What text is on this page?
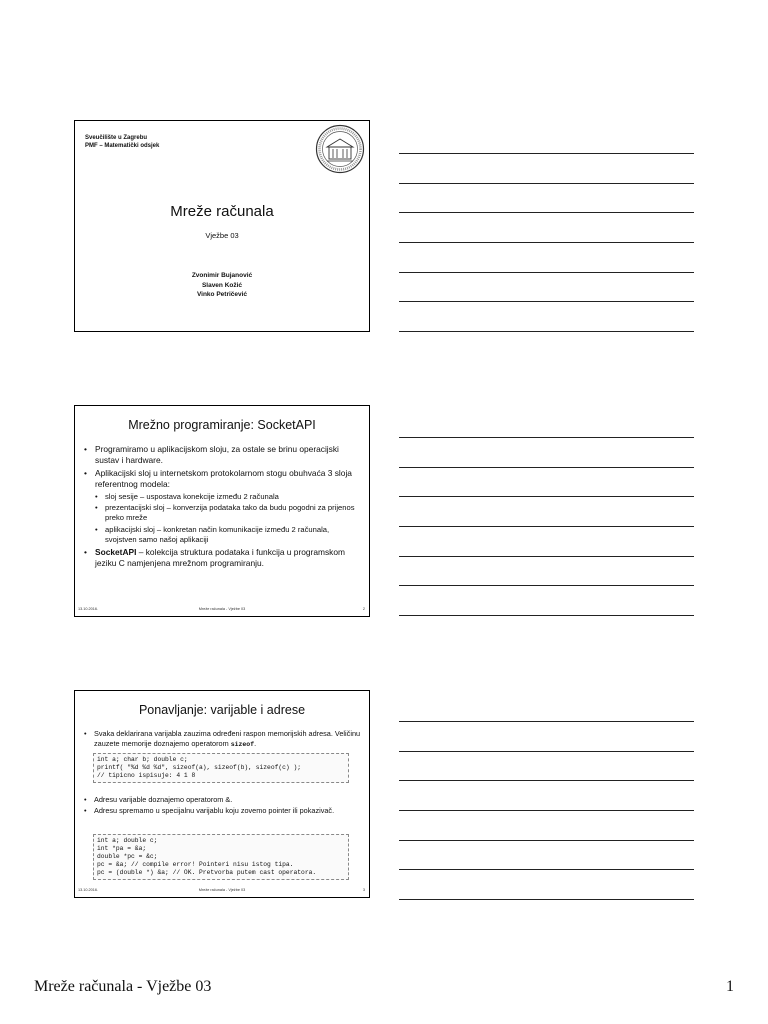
Sveučilište u Zagrebu
PMF – Matematički odsjek
Mreže računala
Vježbe 03
Zvonimir Bujanović
Slaven Kožić
Vinko Petričević
Mrežno programiranje: SocketAPI
• Programiramo u aplikacijskom sloju, za ostale se brinu operacijski sustav i hardware.
• Aplikacijski sloj u internetskom protokolarnom stogu obuhvaća 3 sloja referentnog modela:
• sloj sesije – uspostava konekcije između 2 računala
• prezentacijski sloj – konverzija podataka tako da budu pogodni za prijenos preko mreže
• aplikacijski sloj – konkretan način komunikacije između 2 računala, svojstven samo našoj aplikaciji
• SocketAPI – kolekcija struktura podataka i funkcija u programskom jeziku C namjenjena mrežnom programiranju.
13.10.2016.	Mreže računala - Vježbe 03	2
Ponavljanje: varijable i adrese
• Svaka deklarirana varijabla zauzima određeni raspon memorijskih adresa. Veličinu zauzete memorije doznajemo operatorom sizeof.
int a; char b; double c;
printf( "%d %d %d", sizeof(a), sizeof(b), sizeof(c) );
// tipicno ispisuje: 4 1 8
• Adresu varijable doznajemo operatorom &.
• Adresu spremamo u specijalnu varijablu koju zovemo pointer ili pokazivač.
int a; double c;
int *pa = &a;
double *pc = &c;
pc = &a; // compile error! Pointeri nisu istog tipa.
pc = (double *) &a; // OK. Pretvorba putem cast operatora.
13.10.2016.	Mreže računala - Vježbe 03	3
Mreže računala - Vježbe 03	1
